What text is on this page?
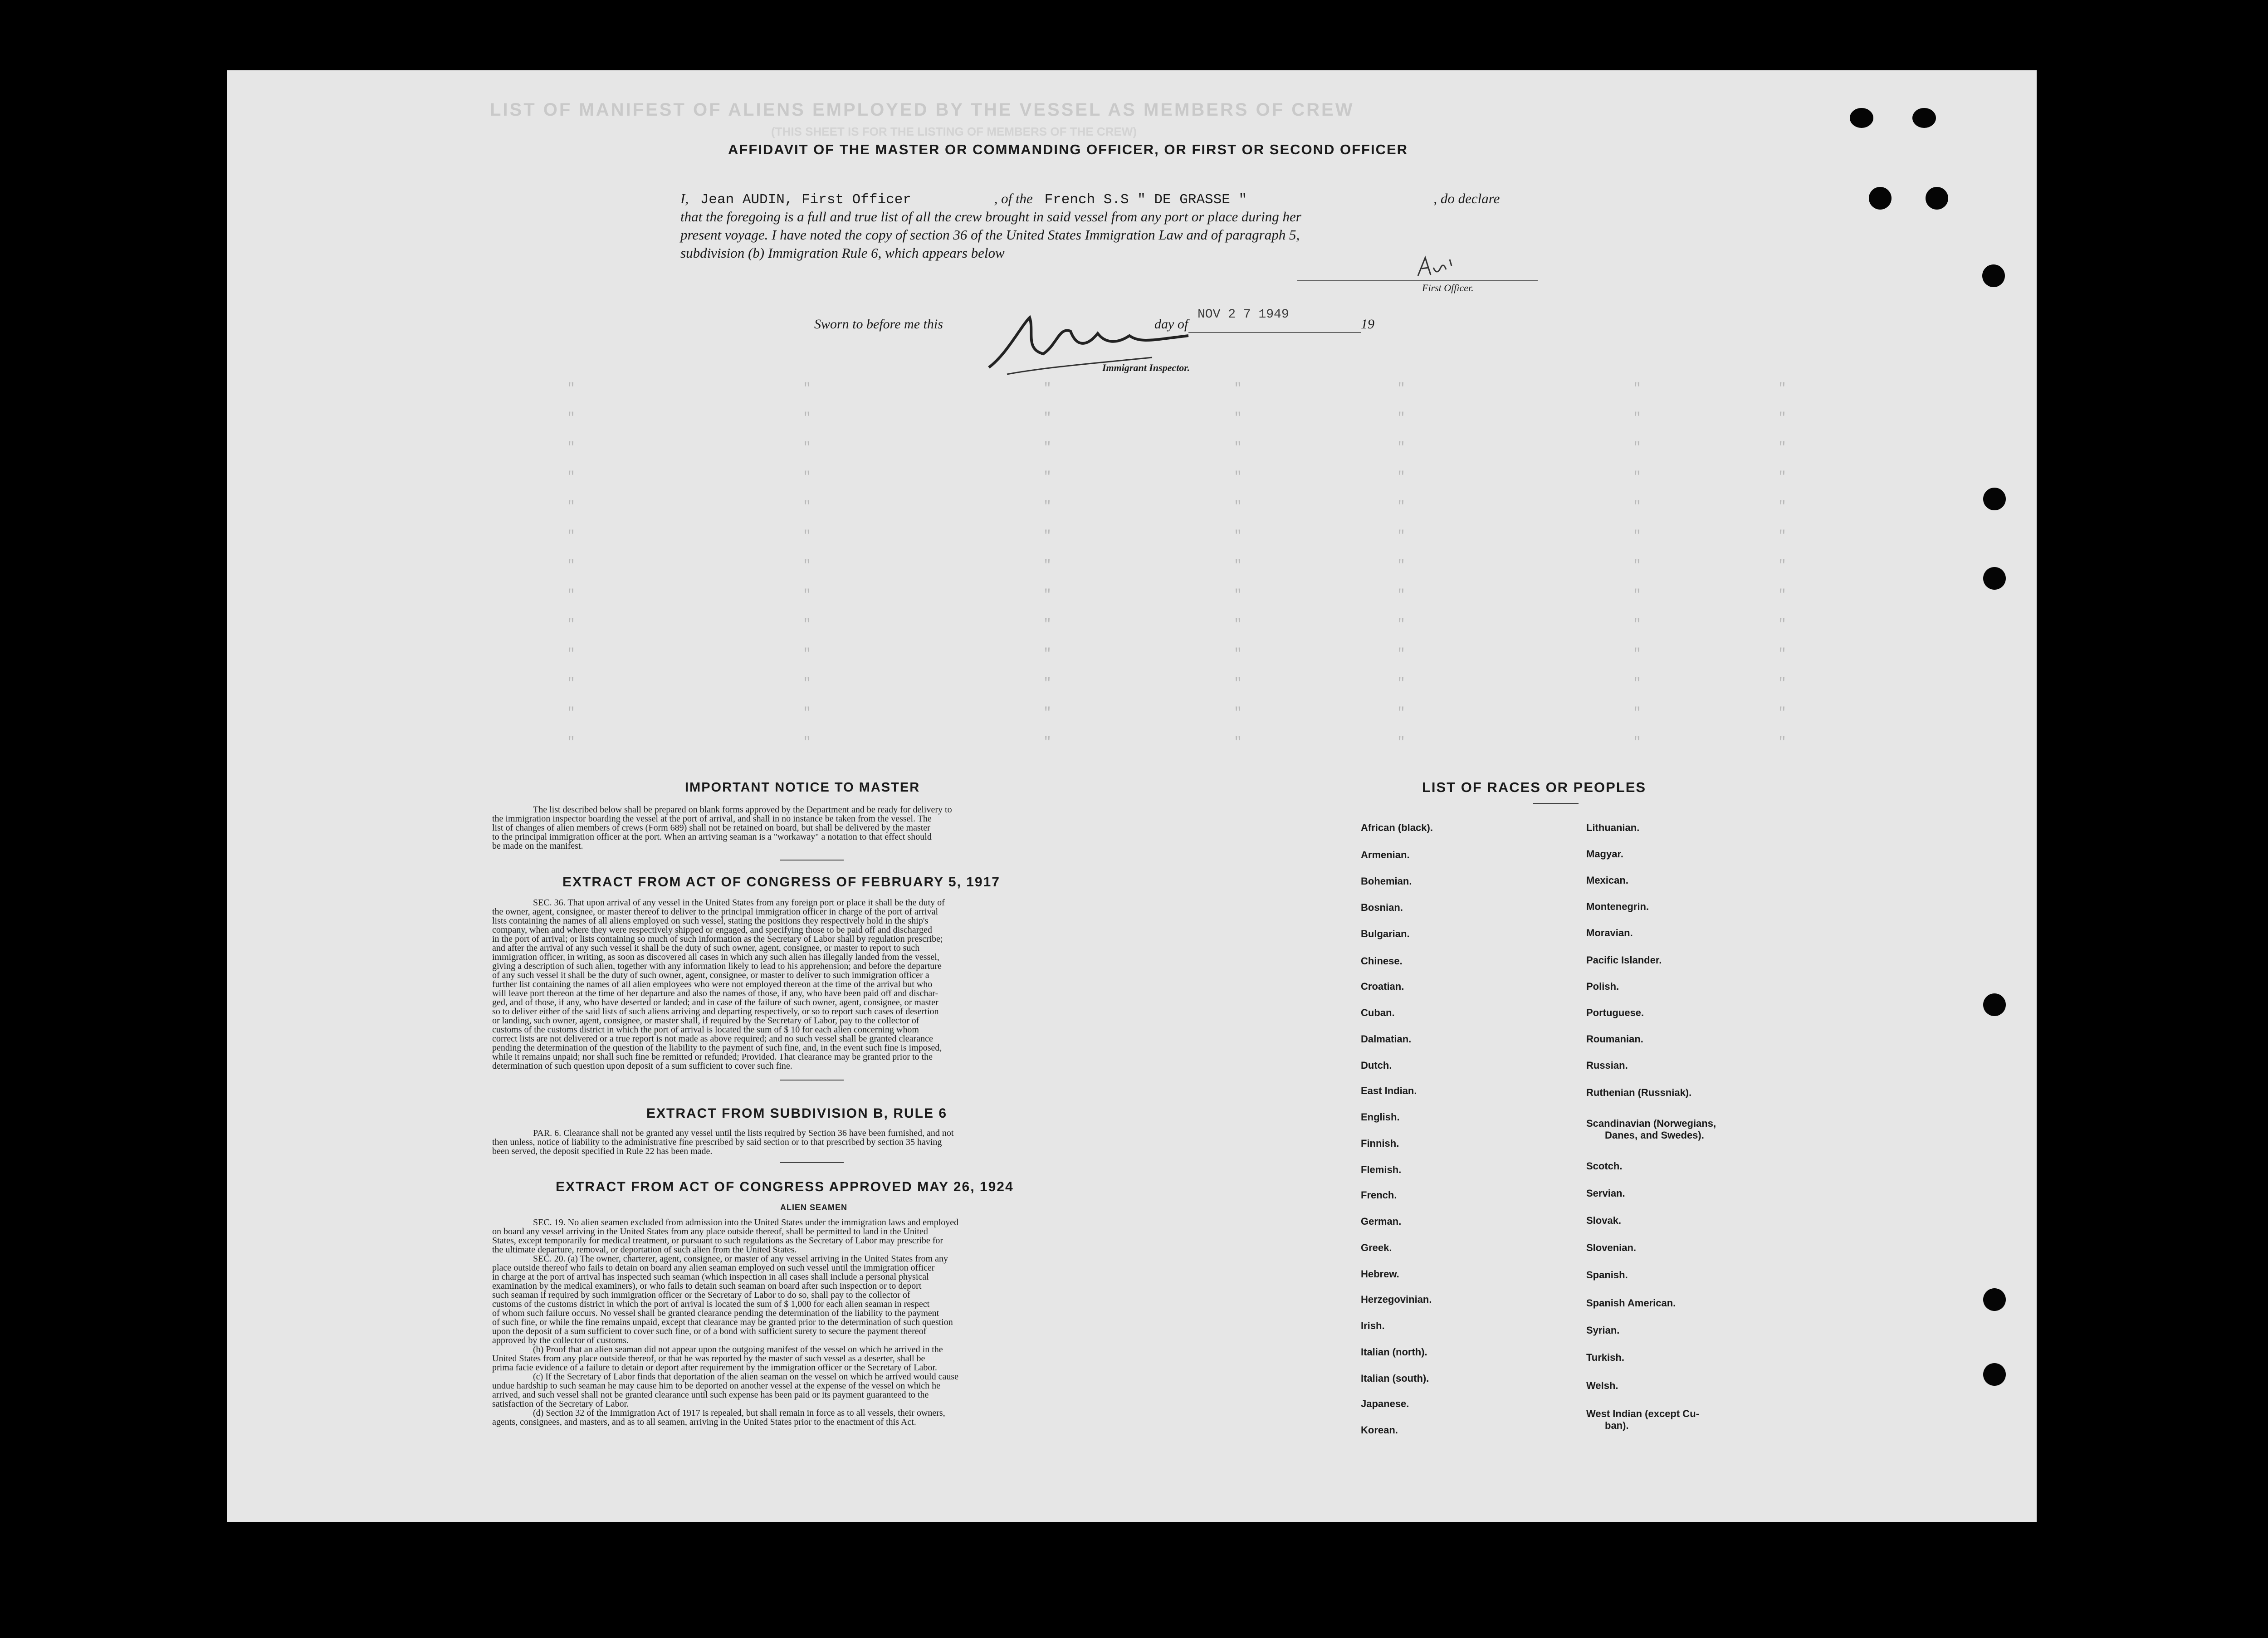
LIST OF MANIFEST OF ALIENS EMPLOYED BY THE VESSEL AS MEMBERS OF CREW
(THIS SHEET IS FOR THE LISTING OF MEMBERS OF THE CREW)
"	"	"	"	"	"	"
"	"	"	"	"	"	"
"	"	"	"	"	"	"
"	"	"	"	"	"	"
"	"	"	"	"	"	"
"	"	"	"	"	"	"
"	"	"	"	"	"	"
"	"	"	"	"	"	"
"	"	"	"	"	"	"
"	"	"	"	"	"	"
"	"	"	"	"	"	"
"	"	"	"	"	"	"
"	"	"	"	"	"	"
AFFIDAVIT OF THE MASTER OR COMMANDING OFFICER, OR FIRST OR SECOND OFFICER
I, Jean AUDIN, First Officer	, of the French S.S " DE GRASSE "	, do declare
that the foregoing is a full and true list of all the crew brought in said vessel from any port or place during her
present voyage. I have noted the copy of section 36 of the United States Immigration Law and of paragraph 5,
subdivision (b) Immigration Rule 6, which appears below
First Officer.
Sworn to before me this	day of
NOV 2 7 1949
19
Immigrant Inspector.
IMPORTANT NOTICE TO MASTER
The list described below shall be prepared on blank forms approved by the Department and be ready for delivery to
the immigration inspector boarding the vessel at the port of arrival, and shall in no instance be taken from the vessel. The
list of changes of alien members of crews (Form 689) shall not be retained on board, but shall be delivered by the master
to the principal immigration officer at the port. When an arriving seaman is a "workaway" a notation to that effect should
be made on the manifest.
EXTRACT FROM ACT OF CONGRESS OF FEBRUARY 5, 1917
SEC. 36. That upon arrival of any vessel in the United States from any foreign port or place it shall be the duty of
the owner, agent, consignee, or master thereof to deliver to the principal immigration officer in charge of the port of arrival
lists containing the names of all aliens employed on such vessel, stating the positions they respectively hold in the ship's
company, when and where they were respectively shipped or engaged, and specifying those to be paid off and discharged
in the port of arrival; or lists containing so much of such information as the Secretary of Labor shall by regulation prescribe;
and after the arrival of any such vessel it shall be the duty of such owner, agent, consignee, or master to report to such
immigration officer, in writing, as soon as discovered all cases in which any such alien has illegally landed from the vessel,
giving a description of such alien, together with any information likely to lead to his apprehension; and before the departure
of any such vessel it shall be the duty of such owner, agent, consignee, or master to deliver to such immigration officer a
further list containing the names of all alien employees who were not employed thereon at the time of the arrival but who
will leave port thereon at the time of her departure and also the names of those, if any, who have been paid off and dischar-
ged, and of those, if any, who have deserted or landed; and in case of the failure of such owner, agent, consignee, or master
so to deliver either of the said lists of such aliens arriving and departing respectively, or so to report such cases of desertion
or landing, such owner, agent, consignee, or master shall, if required by the Secretary of Labor, pay to the collector of
customs of the customs district in which the port of arrival is located the sum of $ 10 for each alien concerning whom
correct lists are not delivered or a true report is not made as above required; and no such vessel shall be granted clearance
pending the determination of the question of the liability to the payment of such fine, and, in the event such fine is imposed,
while it remains unpaid; nor shall such fine be remitted or refunded; Provided. That clearance may be granted prior to the
determination of such question upon deposit of a sum sufficient to cover such fine.
EXTRACT FROM SUBDIVISION B, RULE 6
PAR. 6. Clearance shall not be granted any vessel until the lists required by Section 36 have been furnished, and not
then unless, notice of liability to the administrative fine prescribed by said section or to that prescribed by section 35 having
been served, the deposit specified in Rule 22 has been made.
EXTRACT FROM ACT OF CONGRESS APPROVED MAY 26, 1924
ALIEN SEAMEN
SEC. 19. No alien seamen excluded from admission into the United States under the immigration laws and employed
on board any vessel arriving in the United States from any place outside thereof, shall be permitted to land in the United
States, except temporarily for medical treatment, or pursuant to such regulations as the Secretary of Labor may prescribe for
the ultimate departure, removal, or deportation of such alien from the United States.
SEC. 20. (a) The owner, charterer, agent, consignee, or master of any vessel arriving in the United States from any
place outside thereof who fails to detain on board any alien seaman employed on such vessel until the immigration officer
in charge at the port of arrival has inspected such seaman (which inspection in all cases shall include a personal physical
examination by the medical examiners), or who fails to detain such seaman on board after such inspection or to deport
such seaman if required by such immigration officer or the Secretary of Labor to do so, shall pay to the collector of
customs of the customs district in which the port of arrival is located the sum of $ 1,000 for each alien seaman in respect
of whom such failure occurs. No vessel shall be granted clearance pending the determination of the liability to the payment
of such fine, or while the fine remains unpaid, except that clearance may be granted prior to the determination of such question
upon the deposit of a sum sufficient to cover such fine, or of a bond with sufficient surety to secure the payment thereof
approved by the collector of customs.
(b) Proof that an alien seaman did not appear upon the outgoing manifest of the vessel on which he arrived in the
United States from any place outside thereof, or that he was reported by the master of such vessel as a deserter, shall be
prima facie evidence of a failure to detain or deport after requirement by the immigration officer or the Secretary of Labor.
(c) If the Secretary of Labor finds that deportation of the alien seaman on the vessel on which he arrived would cause
undue hardship to such seaman he may cause him to be deported on another vessel at the expense of the vessel on which he
arrived, and such vessel shall not be granted clearance until such expense has been paid or its payment guaranteed to the
satisfaction of the Secretary of Labor.
(d) Section 32 of the Immigration Act of 1917 is repealed, but shall remain in force as to all vessels, their owners,
agents, consignees, and masters, and as to all seamen, arriving in the United States prior to the enactment of this Act.
LIST OF RACES OR PEOPLES
African (black).
Armenian.
Bohemian.
Bosnian.
Bulgarian.
Chinese.
Croatian.
Cuban.
Dalmatian.
Dutch.
East Indian.
English.
Finnish.
Flemish.
French.
German.
Greek.
Hebrew.
Herzegovinian.
Irish.
Italian (north).
Italian (south).
Japanese.
Korean.
Lithuanian.
Magyar.
Mexican.
Montenegrin.
Moravian.
Pacific Islander.
Polish.
Portuguese.
Roumanian.
Russian.
Ruthenian (Russniak).
Scandinavian (Norwegians,
Danes, and Swedes).
Scotch.
Servian.
Slovak.
Slovenian.
Spanish.
Spanish American.
Syrian.
Turkish.
Welsh.
West Indian (except Cu-
ban).
